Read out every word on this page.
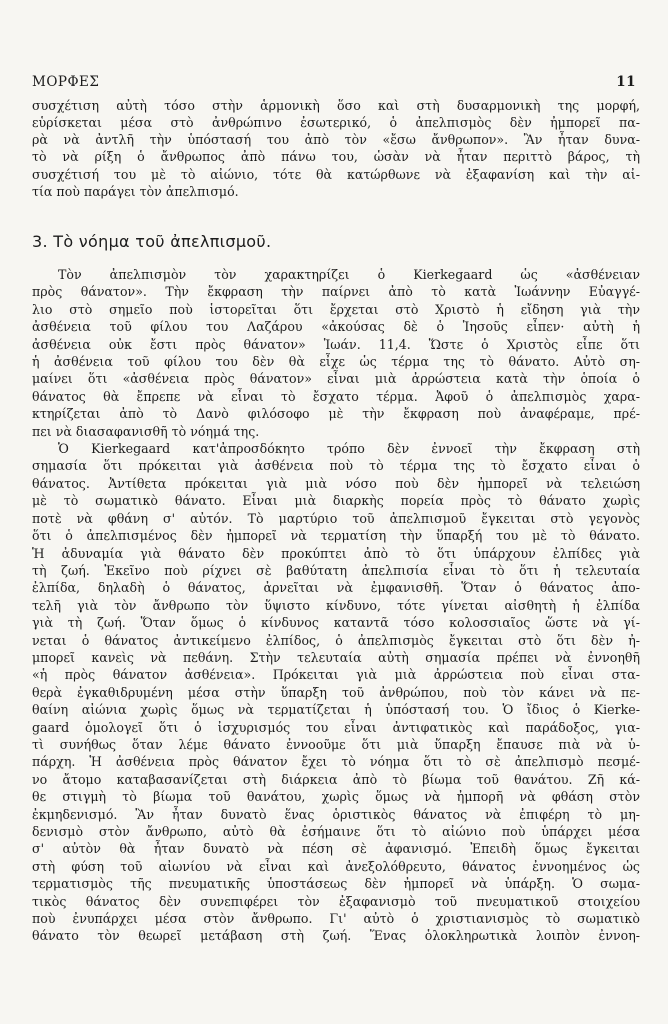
ΜΟΡΦΕΣ	11
συσχέτιση αὐτὴ τόσο στὴν ἁρμονικὴ ὅσο καὶ στὴ δυσαρμονικὴ της μορφή,
εὑρίσκεται μέσα στὸ ἀνθρώπινο ἐσωτερικό, ὁ ἀπελπισμὸς δὲν ἠμπορεῖ πα-
ρὰ νὰ ἀντλῆ τὴν ὑπόστασή του ἀπὸ τὸν «ἔσω ἄνθρωπον». Ἂν ἦταν δυνα-
τὸ νὰ ρίξη ὁ ἄνθρωπος ἀπὸ πάνω του, ὡσὰν νὰ ἦταν περιττὸ βάρος, τὴ
συσχέτισή του μὲ τὸ αἰώνιο, τότε θὰ κατώρθωνε νὰ ἐξαφανίση καὶ τὴν αἰ-
τία ποὺ παράγει τὸν ἀπελπισμό.
3. Τὸ νόημα τοῦ ἀπελπισμοῦ.
Τὸν ἀπελπισμὸν τὸν χαρακτηρίζει ὁ Kierkegaard ὡς «ἀσθένειαν
πρὸς θάνατον». Τὴν ἔκφραση τὴν παίρνει ἀπὸ τὸ κατὰ Ἰωάννην Εὐαγγέ-
λιο στὸ σημεῖο ποὺ ἱστορεῖται ὅτι ἔρχεται στὸ Χριστὸ ἡ εἴδηση γιὰ τὴν
ἀσθένεια τοῦ φίλου του Λαζάρου «ἀκούσας δὲ ὁ Ἰησοῦς εἶπεν· αὐτὴ ἡ
ἀσθένεια οὐκ ἔστι πρὸς θάνατον» Ἰωάν. 11,4. Ὥστε ὁ Χριστὸς εἶπε ὅτι
ἡ ἀσθένεια τοῦ φίλου του δὲν θὰ εἶχε ὡς τέρμα της τὸ θάνατο. Αὐτὸ ση-
μαίνει ὅτι «ἀσθένεια πρὸς θάνατον» εἶναι μιὰ ἀρρώστεια κατὰ τὴν ὁποία ὁ
θάνατος θὰ ἔπρεπε νὰ εἶναι τὸ ἔσχατο τέρμα. Ἀφοῦ ὁ ἀπελπισμὸς χαρα-
κτηρίζεται ἀπὸ τὸ Δανὸ φιλόσοφο μὲ τὴν ἔκφραση ποὺ ἀναφέραμε, πρέ-
πει νὰ διασαφανισθῆ τὸ νόημά της.
Ὁ Kierkegaard κατ'ἀπροσδόκητο τρόπο δὲν ἐννοεῖ τὴν ἔκφραση στὴ
σημασία ὅτι πρόκειται γιὰ ἀσθένεια ποὺ τὸ τέρμα της τὸ ἔσχατο εἶναι ὁ
θάνατος. Ἀντίθετα πρόκειται γιὰ μιὰ νόσο ποὺ δὲν ἠμπορεῖ νὰ τελειώση
μὲ τὸ σωματικὸ θάνατο. Εἶναι μιὰ διαρκὴς πορεία πρὸς τὸ θάνατο χωρὶς
ποτὲ νὰ φθάνη σ' αὐτόν. Τὸ μαρτύριο τοῦ ἀπελπισμοῦ ἔγκειται στὸ γεγονὸς
ὅτι ὁ ἀπελπισμένος δὲν ἠμπορεῖ νὰ τερματίση τὴν ὕπαρξή του μὲ τὸ θάνατο.
Ἡ ἀδυναμία γιὰ θάνατο δὲν προκύπτει ἀπὸ τὸ ὅτι ὑπάρχουν ἐλπίδες γιὰ
τὴ ζωή. Ἐκεῖνο ποὺ ρίχνει σὲ βαθύτατη ἀπελπισία εἶναι τὸ ὅτι ἡ τελευταία
ἐλπίδα, δηλαδὴ ὁ θάνατος, ἀρνεῖται νὰ ἐμφανισθῆ. Ὅταν ὁ θάνατος ἀπο-
τελῆ γιὰ τὸν ἄνθρωπο τὸν ὕψιστο κίνδυνο, τότε γίνεται αἰσθητὴ ἡ ἐλπίδα
γιὰ τὴ ζωή. Ὅταν ὅμως ὁ κίνδυνος καταντᾶ τόσο κολοσσιαῖος ὥστε νὰ γί-
νεται ὁ θάνατος ἀντικείμενο ἐλπίδος, ὁ ἀπελπισμὸς ἔγκειται στὸ ὅτι δὲν ἠ-
μπορεῖ κανεὶς νὰ πεθάνη. Στὴν τελευταία αὐτὴ σημασία πρέπει νὰ ἐννοηθῆ
«ἡ πρὸς θάνατον ἀσθένεια». Πρόκειται γιὰ μιὰ ἀρρώστεια ποὺ εἶναι στα-
θερὰ ἐγκαθιδρυμένη μέσα στὴν ὕπαρξη τοῦ ἀνθρώπου, ποὺ τὸν κάνει νὰ πε-
θαίνη αἰώνια χωρὶς ὅμως νὰ τερματίζεται ἡ ὑπόστασή του. Ὁ ἴδιος ὁ Kierke-
gaard ὁμολογεῖ ὅτι ὁ ἰσχυρισμός του εἶναι ἀντιφατικὸς καὶ παράδοξος, για-
τὶ συνήθως ὅταν λέμε θάνατο ἐννοοῦμε ὅτι μιὰ ὕπαρξη ἔπαυσε πιὰ νὰ ὑ-
πάρχη. Ἡ ἀσθένεια πρὸς θάνατον ἔχει τὸ νόημα ὅτι τὸ σὲ ἀπελπισμὸ πεσμέ-
νο ἄτομο καταβασανίζεται στὴ διάρκεια ἀπὸ τὸ βίωμα τοῦ θανάτου. Ζῆ κά-
θε στιγμὴ τὸ βίωμα τοῦ θανάτου, χωρὶς ὅμως νὰ ἠμπορῆ νὰ φθάση στὸν
ἐκμηδενισμό. Ἂν ἦταν δυνατὸ ἕνας ὁριστικὸς θάνατος νὰ ἐπιφέρη τὸ μη-
δενισμὸ στὸν ἄνθρωπο, αὐτὸ θὰ ἐσήμαινε ὅτι τὸ αἰώνιο ποὺ ὑπάρχει μέσα
σ' αὐτὸν θὰ ἦταν δυνατὸ νὰ πέση σὲ ἀφανισμό. Ἐπειδὴ ὅμως ἔγκειται
στὴ φύση τοῦ αἰωνίου νὰ εἶναι καὶ ἀνεξολόθρευτο, θάνατος ἐννοημένος ὡς
τερματισμὸς τῆς πνευματικῆς ὑποστάσεως δὲν ἠμπορεῖ νὰ ὑπάρξη. Ὁ σωμα-
τικὸς θάνατος δὲν συνεπιφέρει τὸν ἐξαφανισμὸ τοῦ πνευματικοῦ στοιχείου
ποὺ ἐνυπάρχει μέσα στὸν ἄνθρωπο. Γι' αὐτὸ ὁ χριστιανισμὸς τὸ σωματικὸ
θάνατο τὸν θεωρεῖ μετάβαση στὴ ζωή. Ἕνας ὁλοκληρωτικὰ λοιπὸν ἐννοη-
